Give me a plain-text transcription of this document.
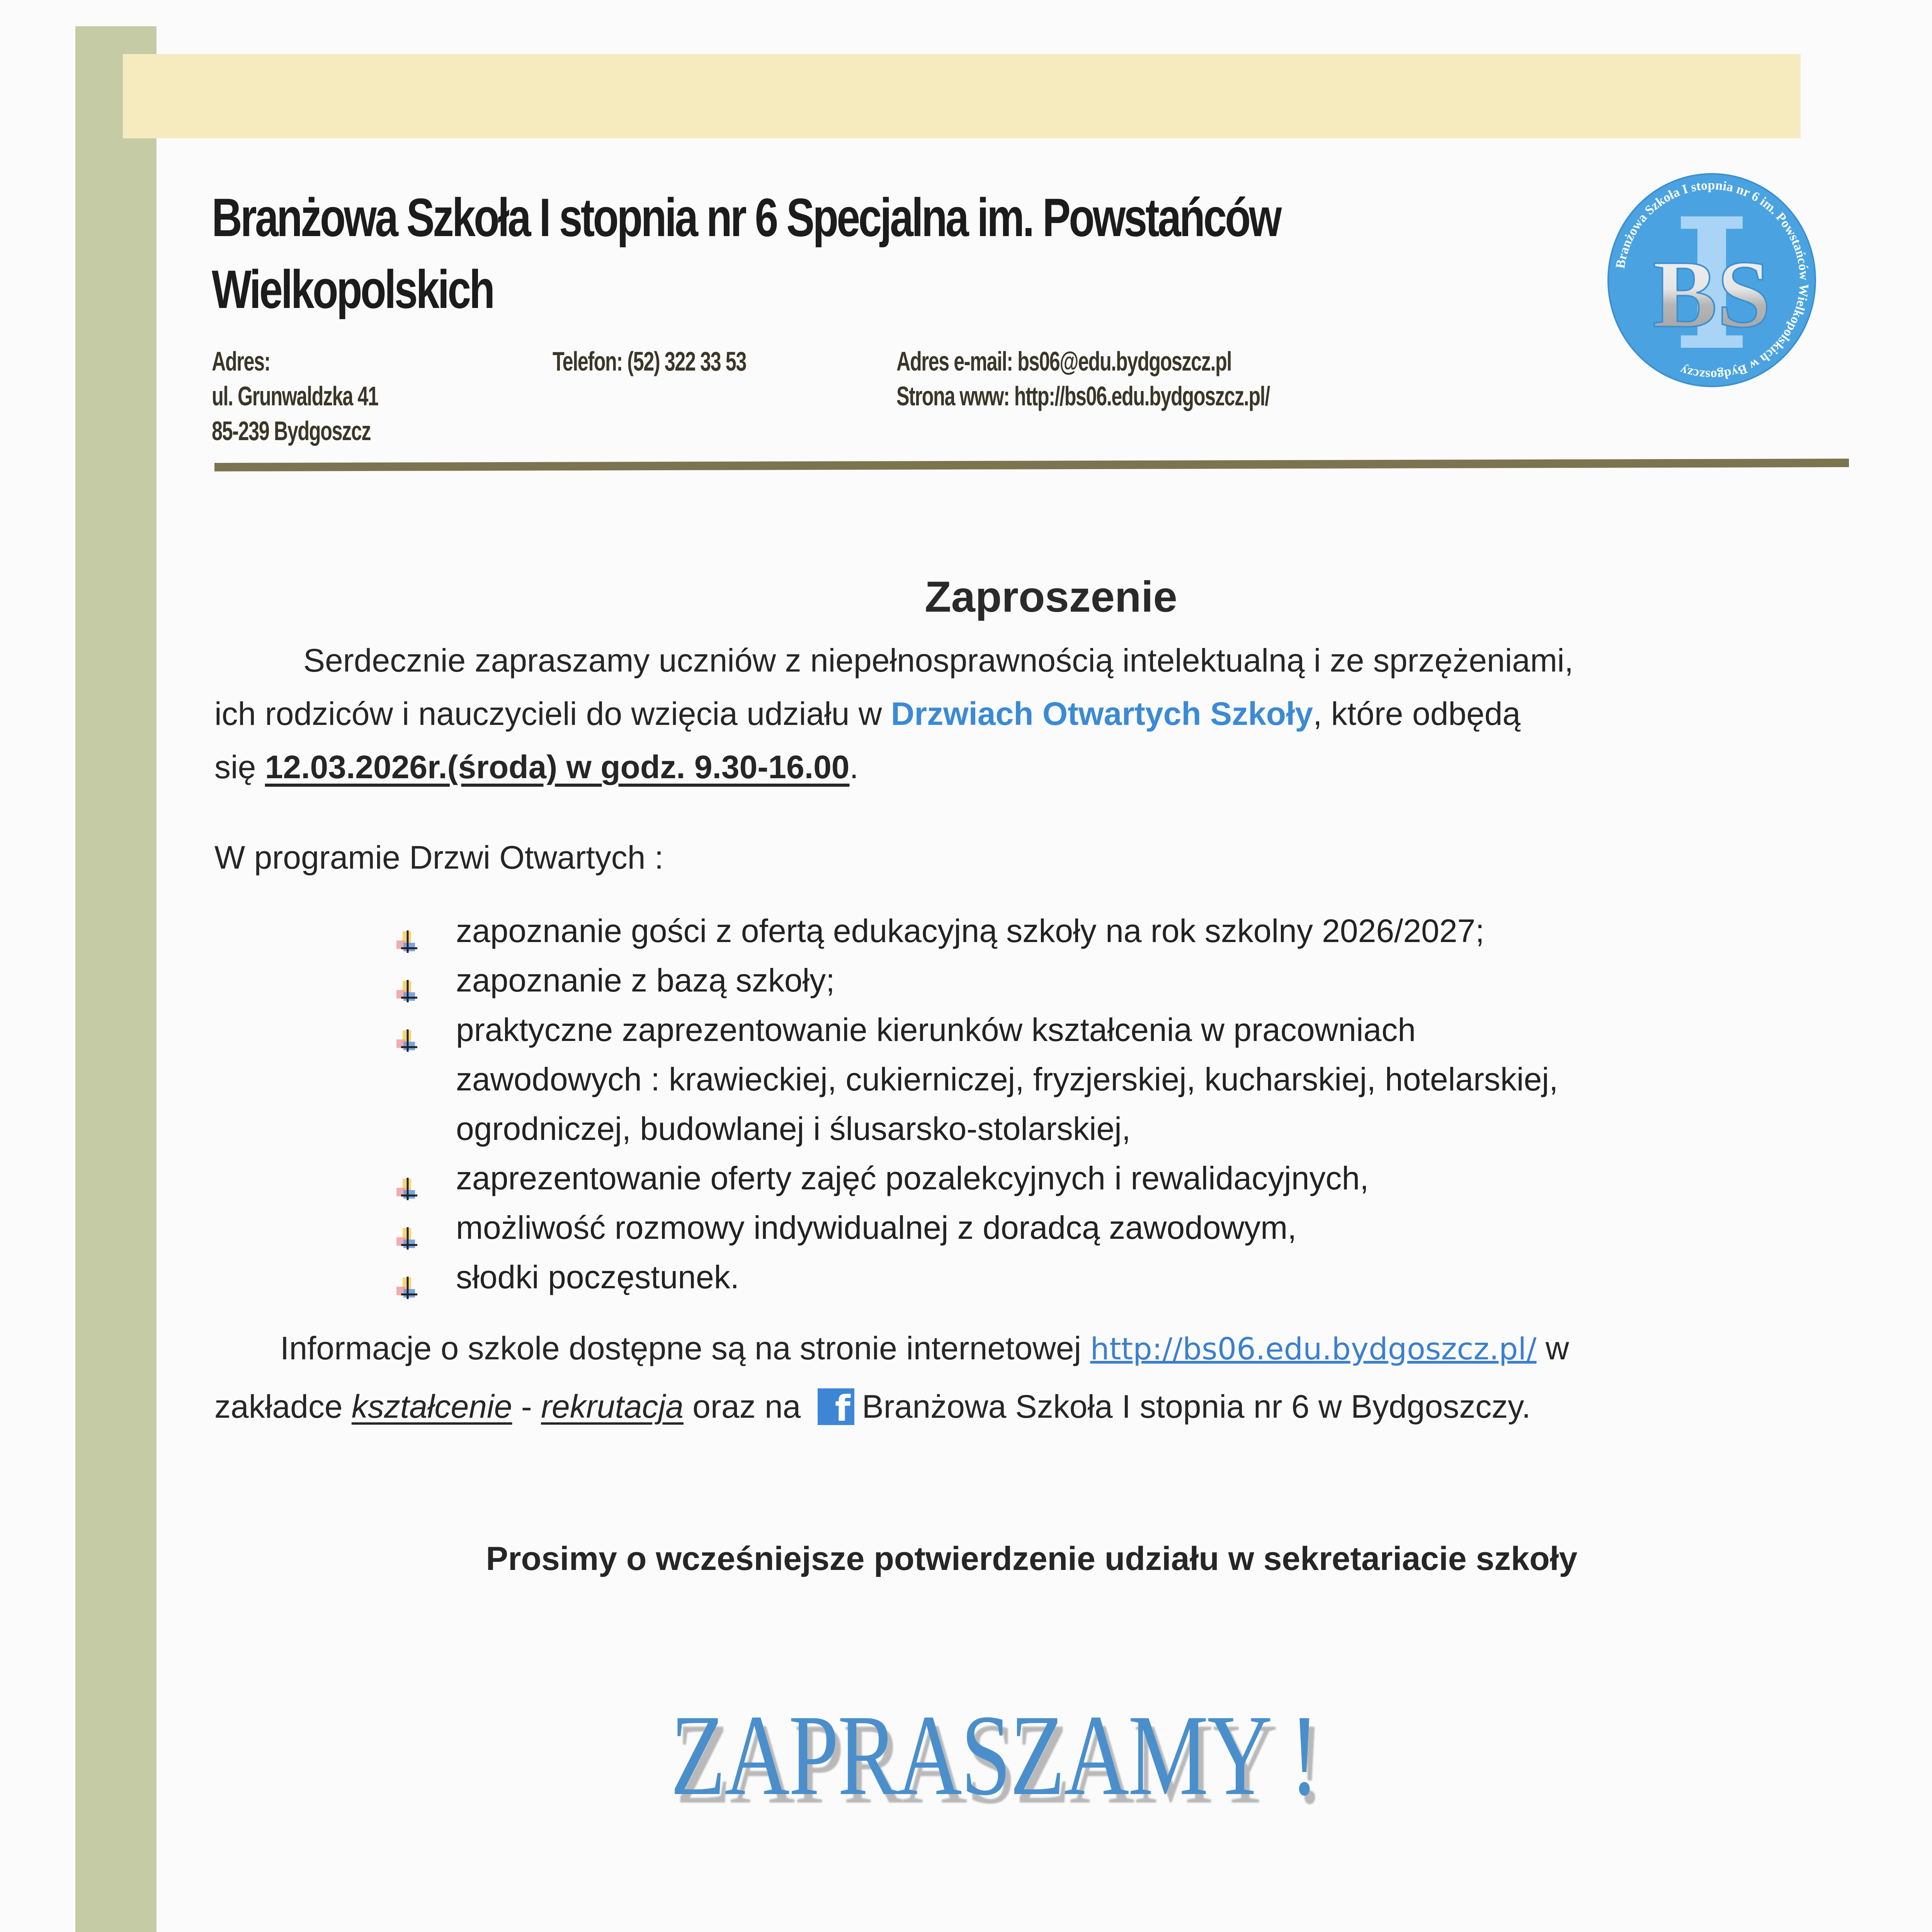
Branżowa Szkoła I stopnia nr 6 Specjalna im. Powstańców
Wielkopolskich
Adres:
ul. Grunwaldzka 41
85-239 Bydgoszcz
Telefon: (52) 322 33 53	Adres e-mail: bs06@edu.bydgoszcz.pl
Strona www: http://bs06.edu.bydgoszcz.pl/
BS
Branżowa Szkoła I stopnia nr 6 im. Powstańców Wielkopolskich w Bydgoszczy
Zaproszenie
Serdecznie zapraszamy uczniów z niepełnosprawnością intelektualną i ze sprzężeniami,
ich rodziców i nauczycieli do wzięcia udziału w Drzwiach Otwartych Szkoły, które odbędą
się 12.03.2026r.(środa) w godz. 9.30-16.00.
W programie Drzwi Otwartych :
zapoznanie gości z ofertą edukacyjną szkoły na rok szkolny 2026/2027;
zapoznanie z bazą szkoły;
praktyczne zaprezentowanie kierunków kształcenia w pracowniach
zawodowych : krawieckiej, cukierniczej, fryzjerskiej, kucharskiej, hotelarskiej,
ogrodniczej, budowlanej i ślusarsko-stolarskiej,
zaprezentowanie oferty zajęć pozalekcyjnych i rewalidacyjnych,
możliwość rozmowy indywidualnej z doradcą zawodowym,
słodki poczęstunek.
Informacje o szkole dostępne są na stronie internetowej http://bs06.edu.bydgoszcz.pl/ w
zakładce kształcenie - rekrutacja oraz na f Branżowa Szkoła I stopnia nr 6 w Bydgoszczy.
Prosimy o wcześniejsze potwierdzenie udziału w sekretariacie szkoły
ZAPRASZAMY !
